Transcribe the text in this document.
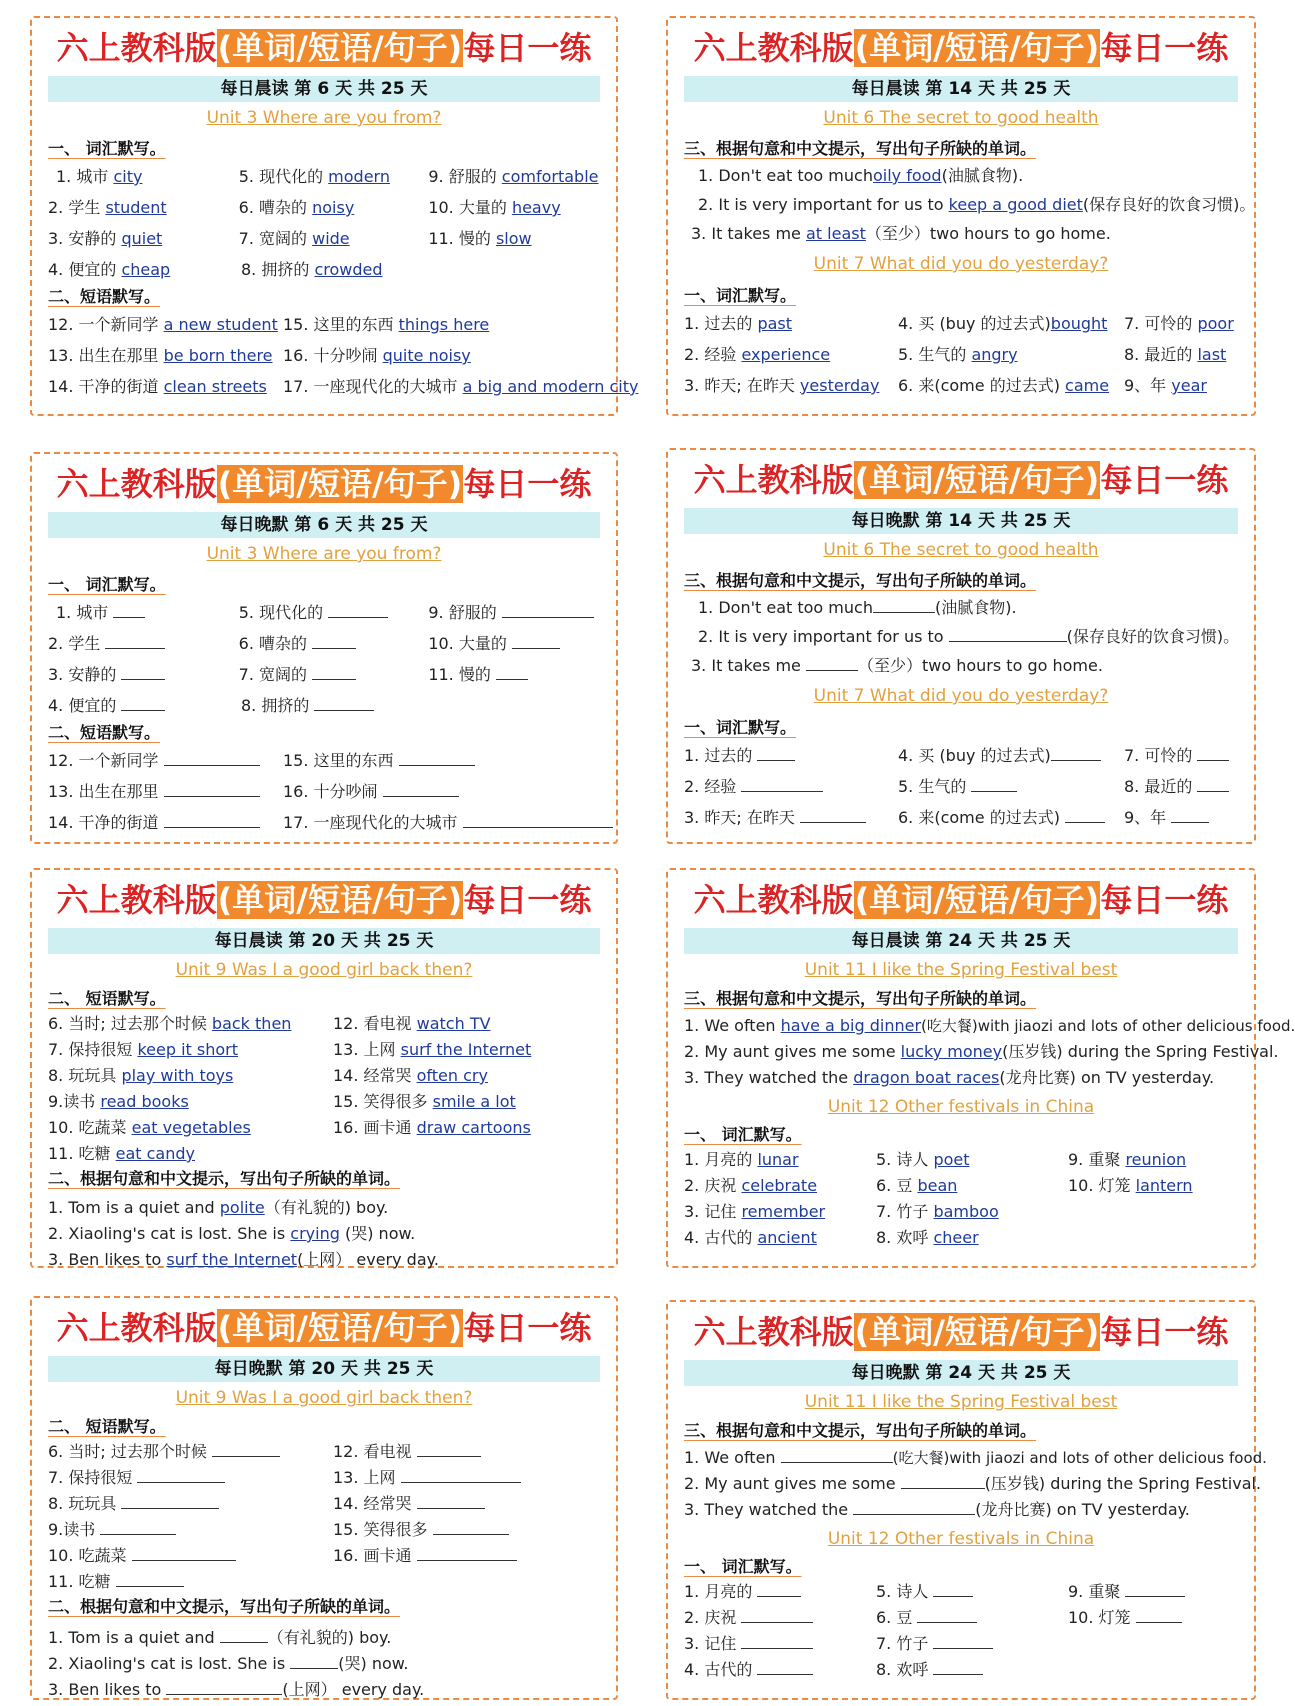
六上教科版(单词/短语/句子)每日一练
每日晨读 第 6 天 共 25 天
Unit 3 Where are you from?
一、 词汇默写。
1. 城市 city	5. 现代化的 modern	9. 舒服的 comfortable
2. 学生 student	6. 嘈杂的 noisy	10. 大量的 heavy
3. 安静的 quiet	7. 宽阔的 wide	11. 慢的 slow
4. 便宜的 cheap	8. 拥挤的 crowded
二、短语默写。
12. 一个新同学 a new student 15. 这里的东西 things here
13. 出生在那里 be born there 16. 十分吵闹 quite noisy
14. 干净的街道 clean streets	17. 一座现代化的大城市 a big and modern city
六上教科版(单词/短语/句子)每日一练
每日晚默 第 6 天 共 25 天
Unit 3 Where are you from?
一、 词汇默写。
1. 城市	5. 现代化的	9. 舒服的
2. 学生	6. 嘈杂的	10. 大量的
3. 安静的	7. 宽阔的	11. 慢的
4. 便宜的	8. 拥挤的
二、短语默写。
12. 一个新同学	15. 这里的东西
13. 出生在那里	16. 十分吵闹
14. 干净的街道	17. 一座现代化的大城市
六上教科版(单词/短语/句子)每日一练
每日晨读 第 14 天 共 25 天
Unit 6 The secret to good health
三、根据句意和中文提示，写出句子所缺的单词。
1. Don't eat too muchoily food(油腻食物).
2. It is very important for us to keep a good diet(保存良好的饮食习惯)。
3. It takes me at least（至少）two hours to go home.
Unit 7 What did you do yesterday?
一、词汇默写。
1. 过去的 past	4. 买 (buy 的过去式)bought	7. 可怜的 poor
2. 经验 experience	5. 生气的 angry	8. 最近的 last
3. 昨天; 在昨天 yesterday	6. 来(come 的过去式) came 9、年 year
六上教科版(单词/短语/句子)每日一练
每日晚默 第 14 天 共 25 天
Unit 6 The secret to good health
三、根据句意和中文提示，写出句子所缺的单词。
1. Don't eat too much	(油腻食物).
2. It is very important for us to	(保存良好的饮食习惯)。
3. It takes me	（至少）two hours to go home.
Unit 7 What did you do yesterday?
一、词汇默写。
1. 过去的	4. 买 (buy 的过去式)	7. 可怜的
2. 经验	5. 生气的	8. 最近的
3. 昨天; 在昨天	6. 来(come 的过去式)	9、年
六上教科版(单词/短语/句子)每日一练
每日晨读 第 20 天 共 25 天
Unit 9 Was I a good girl back then?
二、 短语默写。
6. 当时; 过去那个时候 back then	12. 看电视 watch TV
7. 保持很短 keep it short	13. 上网 surf the Internet
8. 玩玩具 play with toys	14. 经常哭 often cry
9.读书 read books	15. 笑得很多 smile a lot
10. 吃蔬菜 eat vegetables	16. 画卡通 draw cartoons
11. 吃糖 eat candy
二、根据句意和中文提示，写出句子所缺的单词。
1. Tom is a quiet and polite（有礼貌的) boy.
2. Xiaoling's cat is lost. She is crying (哭) now.
3. Ben likes to surf the Internet(上网） every day.
六上教科版(单词/短语/句子)每日一练
每日晨读 第 24 天 共 25 天
Unit 11 I like the Spring Festival best
三、根据句意和中文提示，写出句子所缺的单词。
1. We often have a big dinner(吃大餐)with jiaozi and lots of other delicious food.
2. My aunt gives me some lucky money(压岁钱) during the Spring Festival.
3. They watched the dragon boat races(龙舟比赛) on TV yesterday.
Unit 12 Other festivals in China
一、 词汇默写。
1. 月亮的 lunar	5. 诗人 poet	9. 重聚 reunion
2. 庆祝 celebrate	6. 豆 bean	10. 灯笼 lantern
3. 记住 remember	7. 竹子 bamboo
4. 古代的 ancient	8. 欢呼 cheer
六上教科版(单词/短语/句子)每日一练
每日晚默 第 20 天 共 25 天
Unit 9 Was I a good girl back then?
二、 短语默写。
6. 当时; 过去那个时候	12. 看电视
7. 保持很短	13. 上网
8. 玩玩具	14. 经常哭
9.读书	15. 笑得很多
10. 吃蔬菜	16. 画卡通
11. 吃糖
二、根据句意和中文提示，写出句子所缺的单词。
1. Tom is a quiet and	（有礼貌的) boy.
2. Xiaoling's cat is lost. She is	(哭) now.
3. Ben likes to	(上网） every day.
六上教科版(单词/短语/句子)每日一练
每日晚默 第 24 天 共 25 天
Unit 11 I like the Spring Festival best
三、根据句意和中文提示，写出句子所缺的单词。
1. We often	(吃大餐)with jiaozi and lots of other delicious food.
2. My aunt gives me some	(压岁钱) during the Spring Festival.
3. They watched the	(龙舟比赛) on TV yesterday.
Unit 12 Other festivals in China
一、 词汇默写。
1. 月亮的	5. 诗人	9. 重聚
2. 庆祝	6. 豆	10. 灯笼
3. 记住	7. 竹子
4. 古代的	8. 欢呼
